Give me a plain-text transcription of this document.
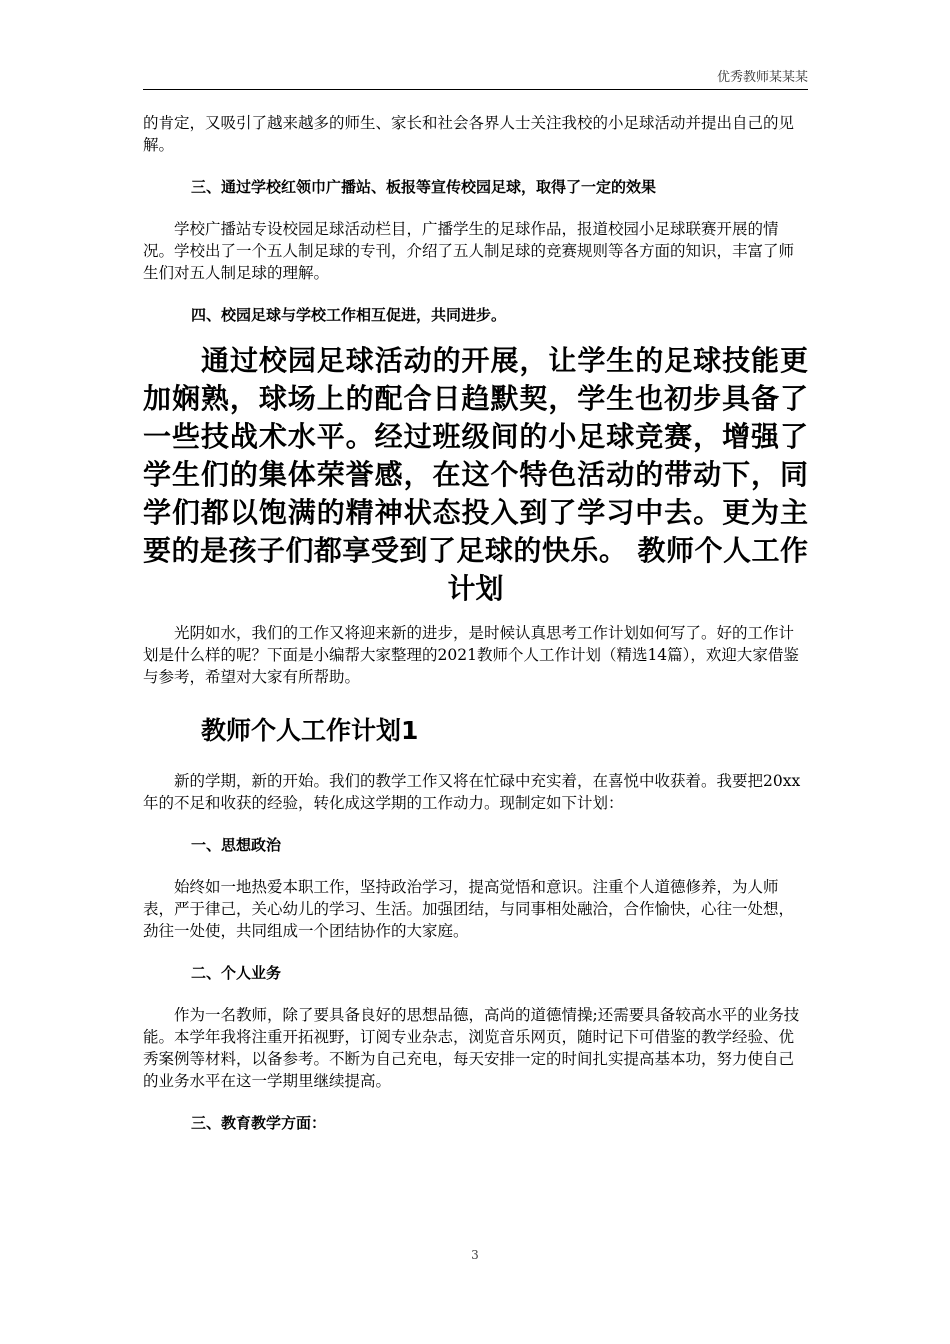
优秀教师某某某

的肯定，又吸引了越来越多的师生、家长和社会各界人士关注我校的小足球活动并提出自己的见解。

三、通过学校红领巾广播站、板报等宣传校园足球，取得了一定的效果

学校广播站专设校园足球活动栏目，广播学生的足球作品，报道校园小足球联赛开展的情况。学校出了一个五人制足球的专刊，介绍了五人制足球的竞赛规则等各方面的知识，丰富了师生们对五人制足球的理解。

四、校园足球与学校工作相互促进，共同进步。

通过校园足球活动的开展，让学生的足球技能更加娴熟，球场上的配合日趋默契，学生也初步具备了一些技战术水平。经过班级间的小足球竞赛，增强了学生们的集体荣誉感，在这个特色活动的带动下，同学们都以饱满的精神状态投入到了学习中去。更为主要的是孩子们都享受到了足球的快乐。 教师个人工作计划

光阴如水，我们的工作又将迎来新的进步，是时候认真思考工作计划如何写了。好的工作计划是什么样的呢？下面是小编帮大家整理的2021教师个人工作计划（精选14篇），欢迎大家借鉴与参考，希望对大家有所帮助。

教师个人工作计划1

新的学期，新的开始。我们的教学工作又将在忙碌中充实着，在喜悦中收获着。我要把20xx年的不足和收获的经验，转化成这学期的工作动力。现制定如下计划：

一、思想政治

始终如一地热爱本职工作，坚持政治学习，提高觉悟和意识。注重个人道德修养，为人师表，严于律己，关心幼儿的学习、生活。加强团结，与同事相处融洽，合作愉快，心往一处想，劲往一处使，共同组成一个团结协作的大家庭。

二、个人业务

作为一名教师，除了要具备良好的思想品德，高尚的道德情操;还需要具备较高水平的业务技能。本学年我将注重开拓视野，订阅专业杂志，浏览音乐网页，随时记下可借鉴的教学经验、优秀案例等材料，以备参考。不断为自己充电，每天安排一定的时间扎实提高基本功，努力使自己的业务水平在这一学期里继续提高。

三、教育教学方面：

3
